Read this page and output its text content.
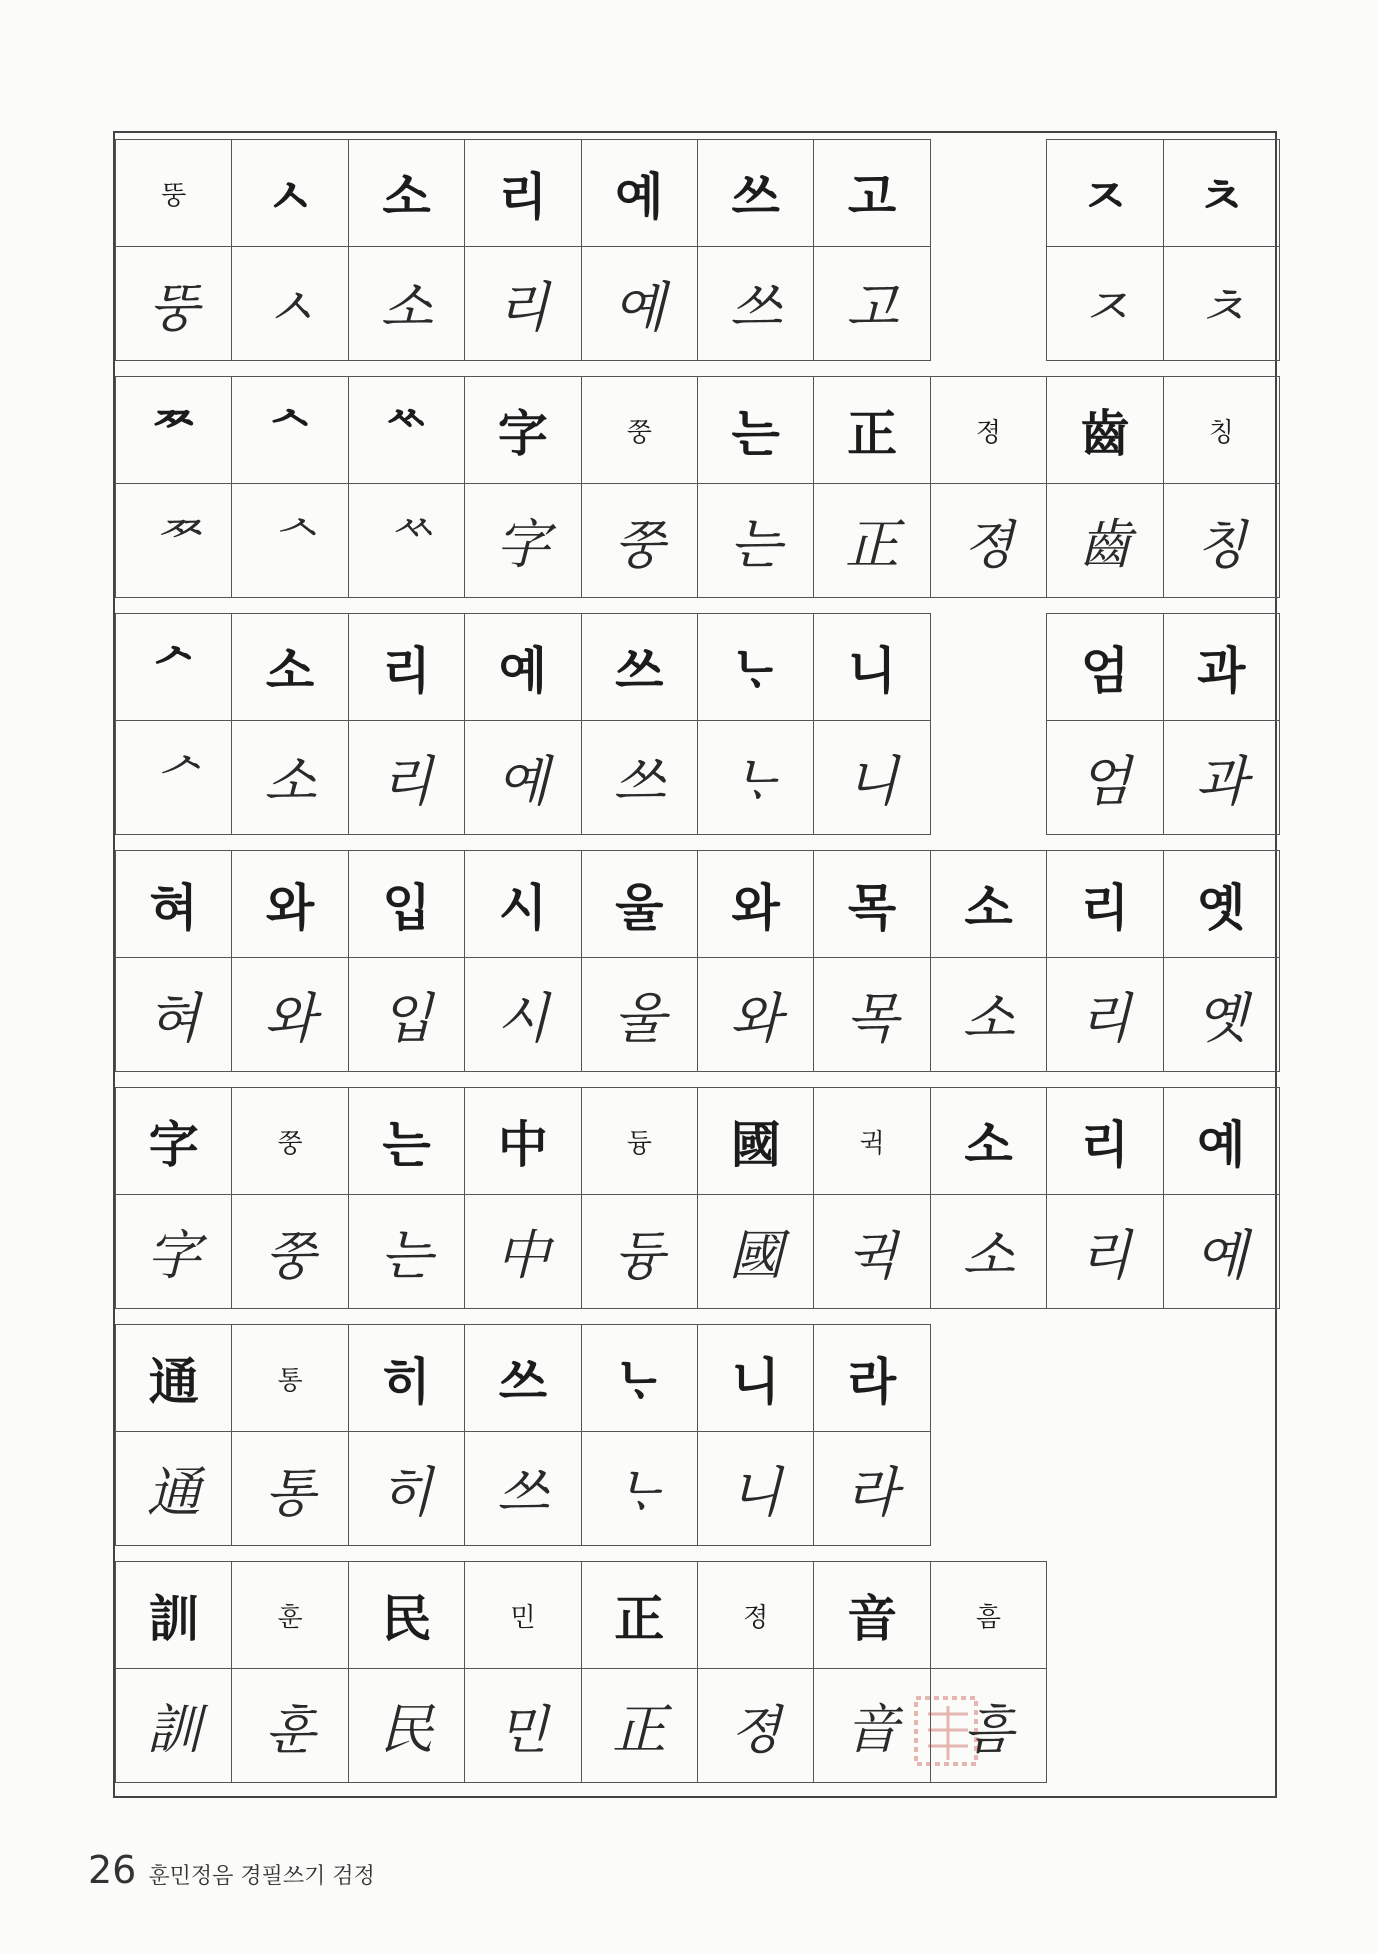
뚱
뚱
ㅅ
ㅅ
소
소
리
리
예
예
쓰
쓰
고
고
ㅈ
ㅈ
ㅊ
ㅊ
ᄍ
ᄍ
ᄾ
ᄾ
ᄿ
ᄿ
字
字
쭝
쭝
는
는
正
正
졍
졍
齒
齒
칭
칭
ᄼ
ᄼ
소
소
리
리
예
예
쓰
쓰
ᄂᆞ
ᄂᆞ
니
니
엄
엄
과
과
혀
혀
와
와
입
입
시
시
울
울
와
와
목
목
소
소
리
리
옛
옛
字
字
쭝
쭝
는
는
中
中
듕
듕
國
國
귁
귁
소
소
리
리
예
예
通
通
통
통
히
히
쓰
쓰
ᄂᆞ
ᄂᆞ
니
니
라
라
訓
訓
훈
훈
民
民
민
민
正
正
졍
졍
音
音
흠
흠
26 훈민정음 경필쓰기 검정
